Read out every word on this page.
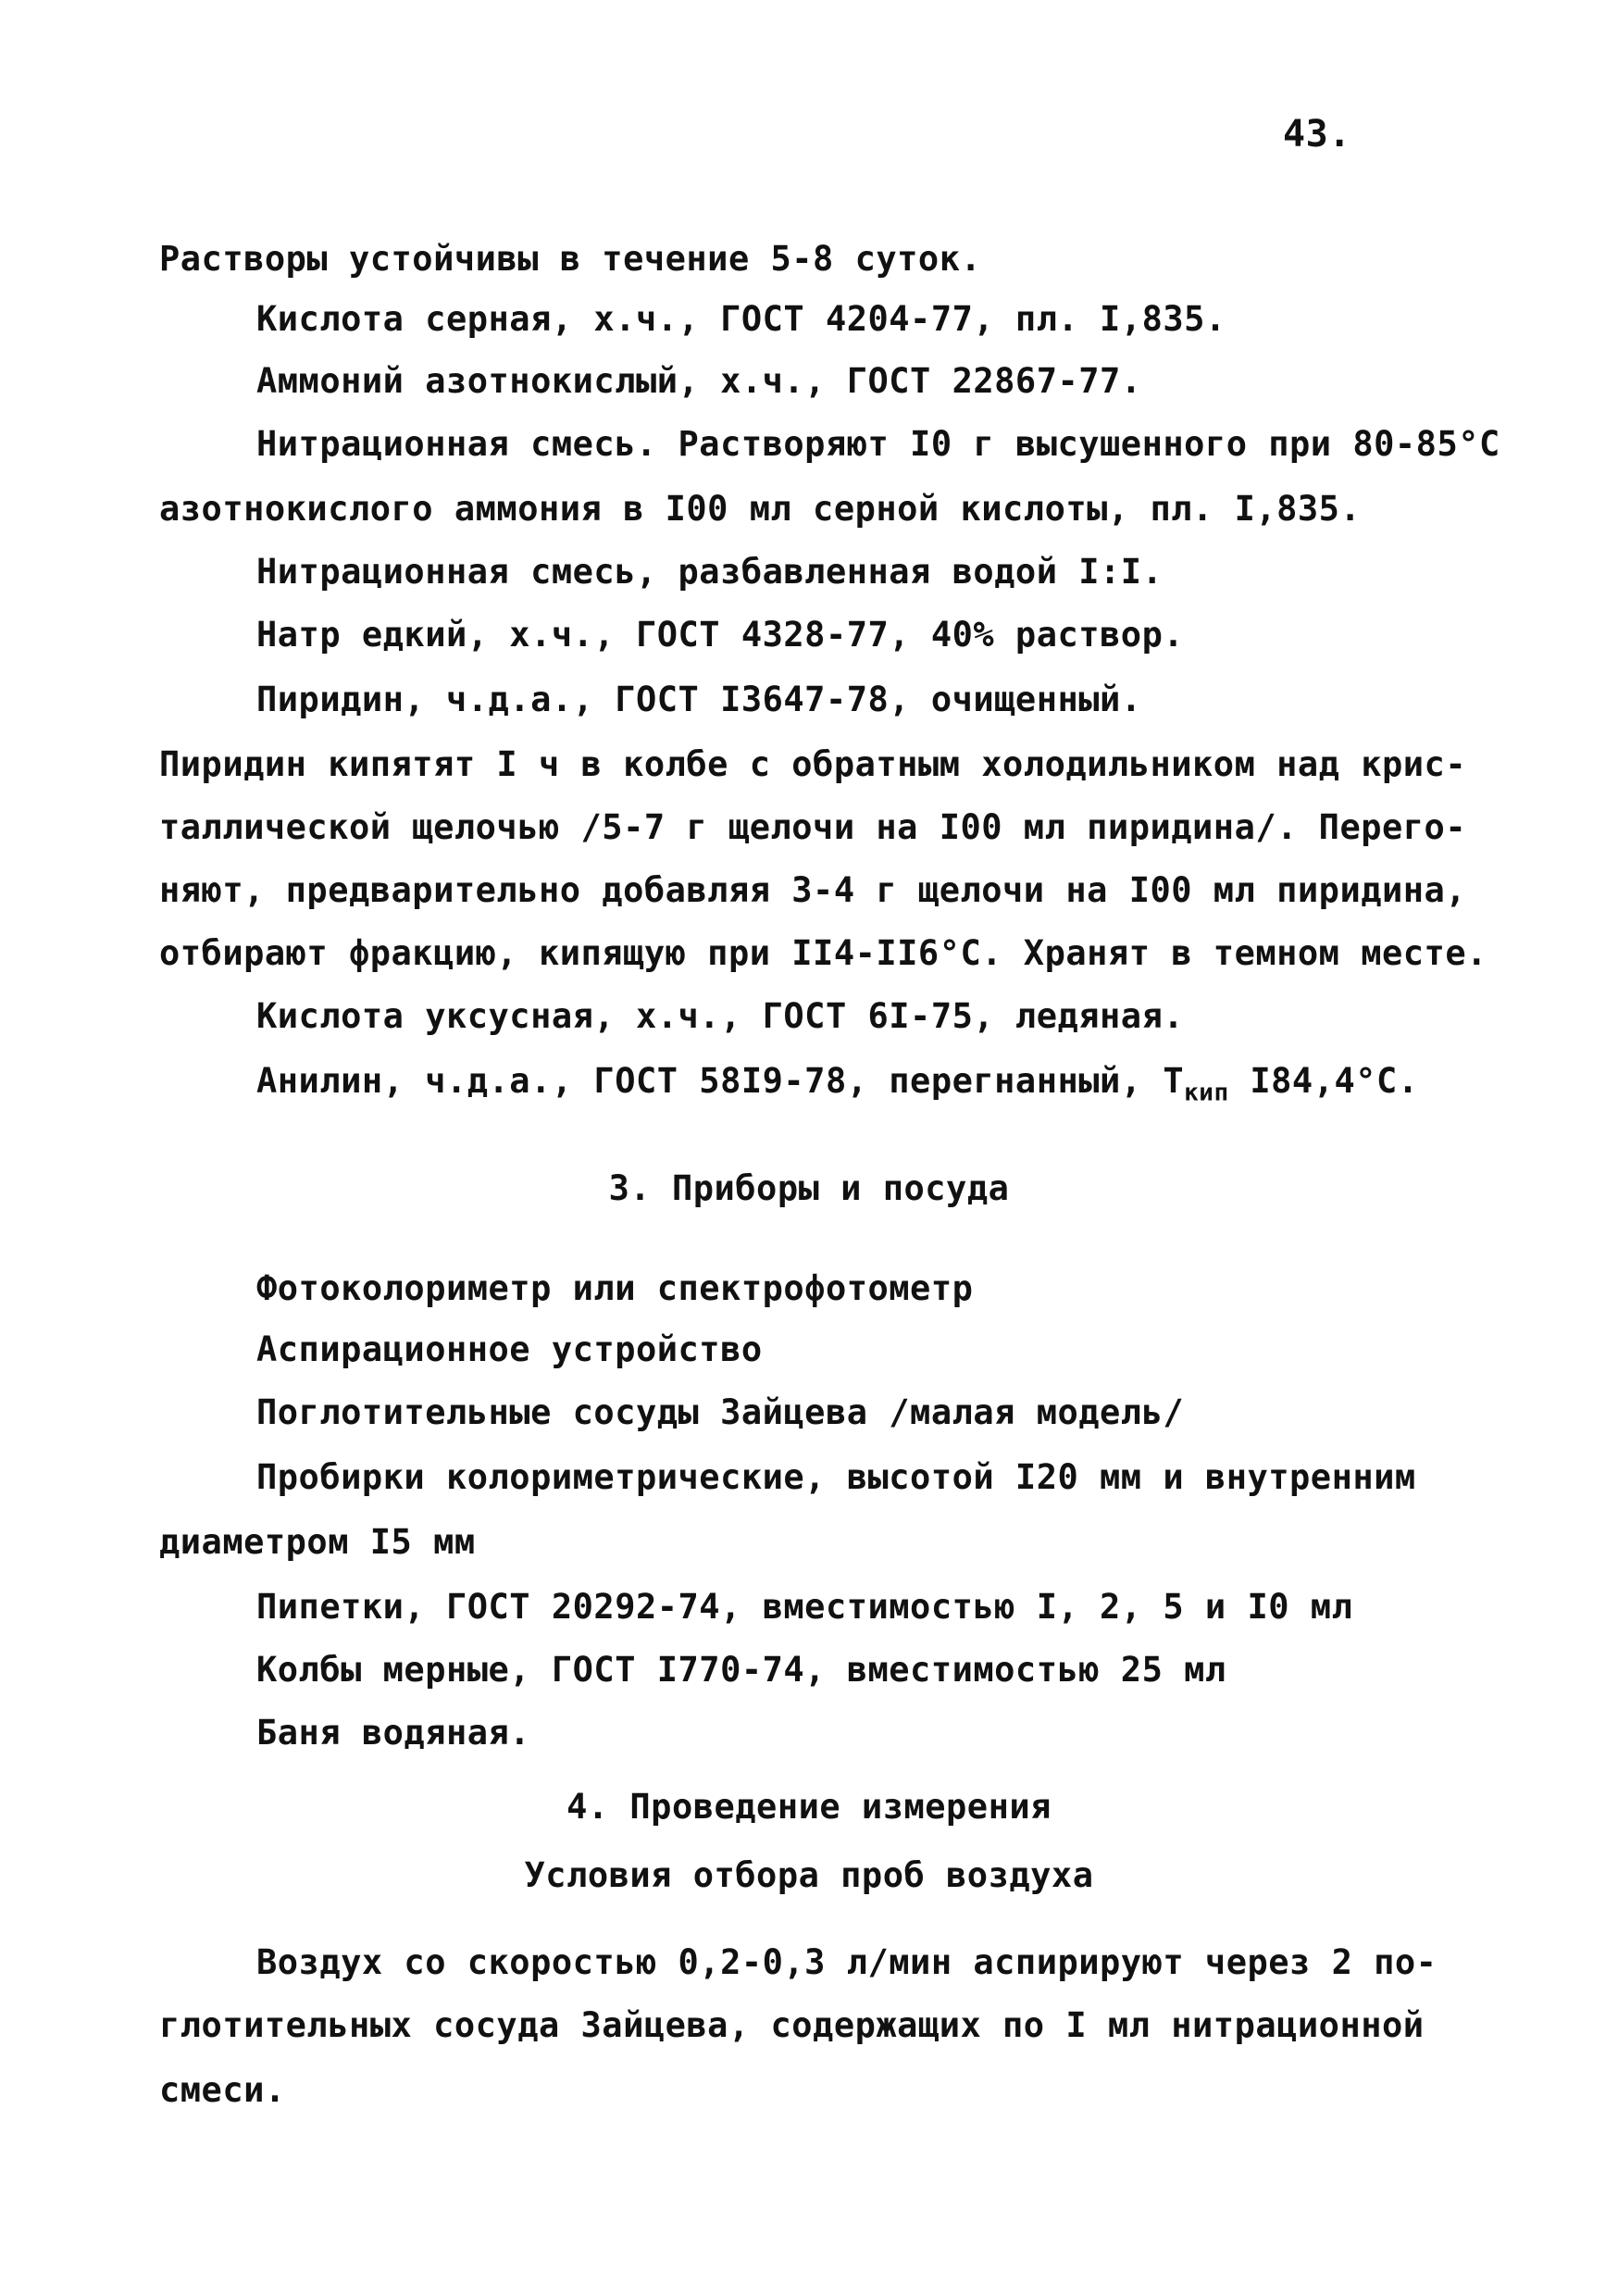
43.
Растворы устойчивы в течение 5-8 суток.
Кислота серная, х.ч., ГОСТ 4204-77, пл. I,835.
Аммоний азотнокислый, х.ч., ГОСТ 22867-77.
Нитрационная смесь. Растворяют I0 г высушенного при 80-85°С
азотнокислого аммония в I00 мл серной кислоты, пл. I,835.
Нитрационная смесь, разбавленная водой I:I.
Натр едкий, х.ч., ГОСТ 4328-77, 40% раствор.
Пиридин, ч.д.а., ГОСТ I3647-78, очищенный.
Пиридин кипятят I ч в колбе с обратным холодильником над крис-
таллической щелочью /5-7 г щелочи на I00 мл пиридина/. Перего-
няют, предварительно добавляя 3-4 г щелочи на I00 мл пиридина,
отбирают фракцию, кипящую при II4-II6°С. Хранят в темном месте.
Кислота уксусная, х.ч., ГОСТ 6I-75, ледяная.
Анилин, ч.д.а., ГОСТ 58I9-78, перегнанный, $Т_{кип}$ I84,4°С.
3. Приборы и посуда
Фотоколориметр или спектрофотометр
Аспирационное устройство
Поглотительные сосуды Зайцева /малая модель/
Пробирки колориметрические, высотой I20 мм и внутренним
диаметром I5 мм
Пипетки, ГОСТ 20292-74, вместимостью I, 2, 5 и I0 мл
Колбы мерные, ГОСТ I770-74, вместимостью 25 мл
Баня водяная.
4. Проведение измерения
Условия отбора проб воздуха
Воздух со скоростью 0,2-0,3 л/мин аспирируют через 2 по-
глотительных сосуда Зайцева, содержащих по I мл нитрационной
смеси.
